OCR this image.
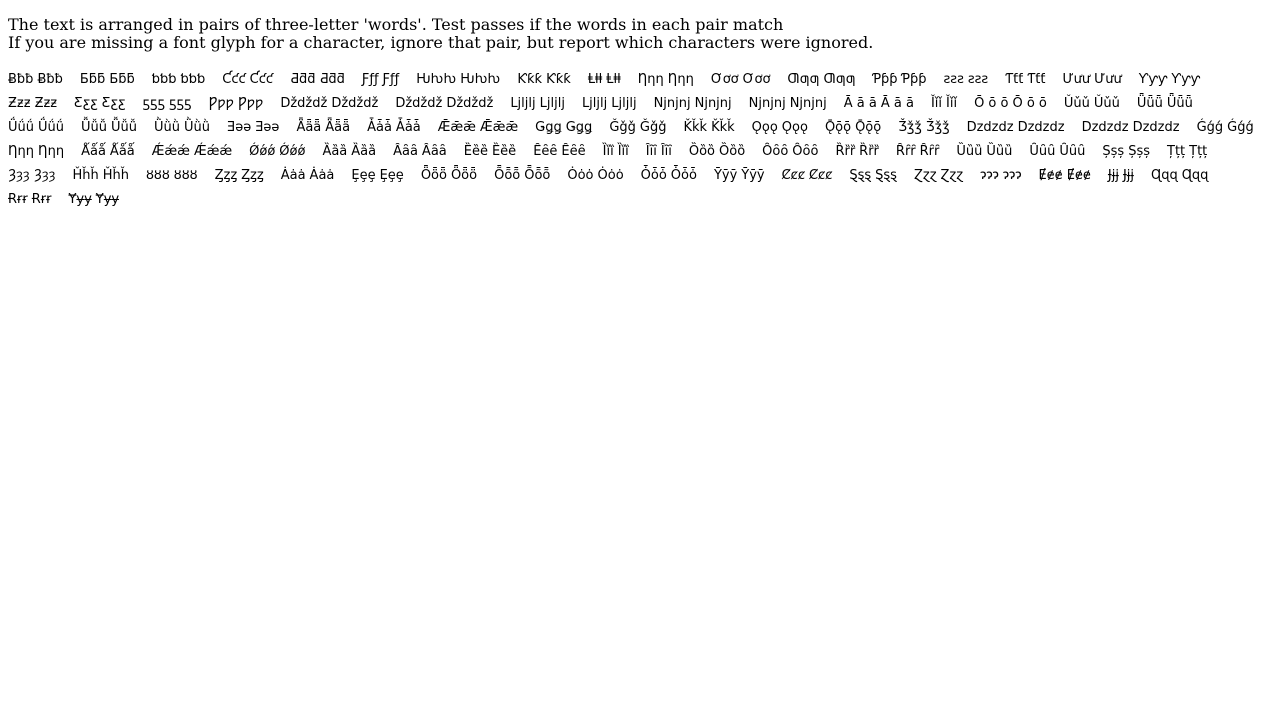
The text is arranged in pairs of three-letter 'words'. Test passes if the words in each pair match
If you are missing a font glyph for a character, ignore that pair, but report which characters were ignored.
Ƀƀƀ Ƀƀƀ Ƃƃƃ Ƃƃƃ ƅƅƅ ƅƅƅ Ƈƈƈ Ƈƈƈ Ƌƌƌ Ƌƌƌ Ƒƒƒ Ƒƒƒ Ƕƕƕ Ƕƕƕ Ƙƙƙ Ƙƙƙ Ⱡⱡⱡ Ⱡⱡⱡ Ƞƞƞ Ƞƞƞ Ơơơ Ơơơ Ƣƣƣ Ƣƣƣ Ƥƥƥ Ƥƥƥ ƨƨƨ ƨƨƨ Ƭƭƭ Ƭƭƭ Ưưư Ưưư Ƴƴƴ ƳƴƴƵƶƶ Ƶƶƶ Ƹƹƹ Ƹƹƹ ƽƽƽ ƽƽƽ Ƿƿƿ Ƿƿƿ Dždždž Dždždž Dždždž Dždždž Ljljlj Ljljlj Ljljlj Ljljlj Njnjnj Njnjnj Njnjnj Njnjnj Ā ā ā Ā ā ā Ǐǐǐ Ǐǐǐ Ō ō ō Ō ō ō Ǔǔǔ Ǔǔǔ Ǖǖǖ ǕǖǖǗǘǘ Ǘǘǘ Ǚǚǚ Ǚǚǚ Ǜǜǜ Ǜǜǜ Ǝǝǝ Ǝǝǝ Ǟǟǟ Ǟǟǟ Ǡǡǡ Ǡǡǡ Ǣǣǣ Ǣǣǣ Ǥǥǥ Ǥǥǥ Ǧǧǧ Ǧǧǧ Ǩǩǩ Ǩǩǩ Ǫǫǫ Ǫǫǫ Ǭǭǭ Ǭǭǭ Ǯǯǯ Ǯǯǯ Dzdzdz Dzdzdz Dzdzdz Dzdzdz Ǵǵǵ ǴǵǵȠƞƞ Ƞƞƞ Ǻǻǻ Ǻǻǻ Ǽǽǽ Ǽǽǽ Ǿǿǿ Ǿǿǿ Ȁȁȁ Ȁȁȁ Ȃȃȃ Ȃȃȃ Ȅȅȅ Ȅȅȅ Ȇȇȇ Ȇȇȇ Ȉȉȉ Ȉȉȉ Ȋȋȋ Ȋȋȋ Ȍȍȍ Ȍȍȍ Ȏȏȏ Ȏȏȏ Ȑȑȑ Ȑȑȑ Ȓȓȓ Ȓȓȓ Ȕȕȕ Ȕȕȕ Ȗȗȗ Ȗȗȗ Șșș Șșș Țțț ȚțțȜȝȝ Ȝȝȝ Ȟȟȟ Ȟȟȟ ȣȣȣ ȣȣȣ Ȥȥȥ Ȥȥȥ Ȧȧȧ Ȧȧȧ Ȩȩȩ Ȩȩȩ Ȫȫȫ Ȫȫȫ Ȭȭȭ Ȭȭȭ Ȯȯȯ Ȯȯȯ Ȱȱȱ Ȱȱȱ Ȳȳȳ Ȳȳȳ Ȼȼȼ Ȼȼȼ Ȿȿȿ Ȿȿȿ Ɀɀɀ Ɀɀɀ ɂɂɂ ɂɂɂ Ɇɇɇ Ɇɇɇ Ɉɉɉ Ɉɉɉ Ɋɋɋ ɊɋɋɌɍɍ Ɍɍɍ Ɏɏɏ Ɏɏɏ
